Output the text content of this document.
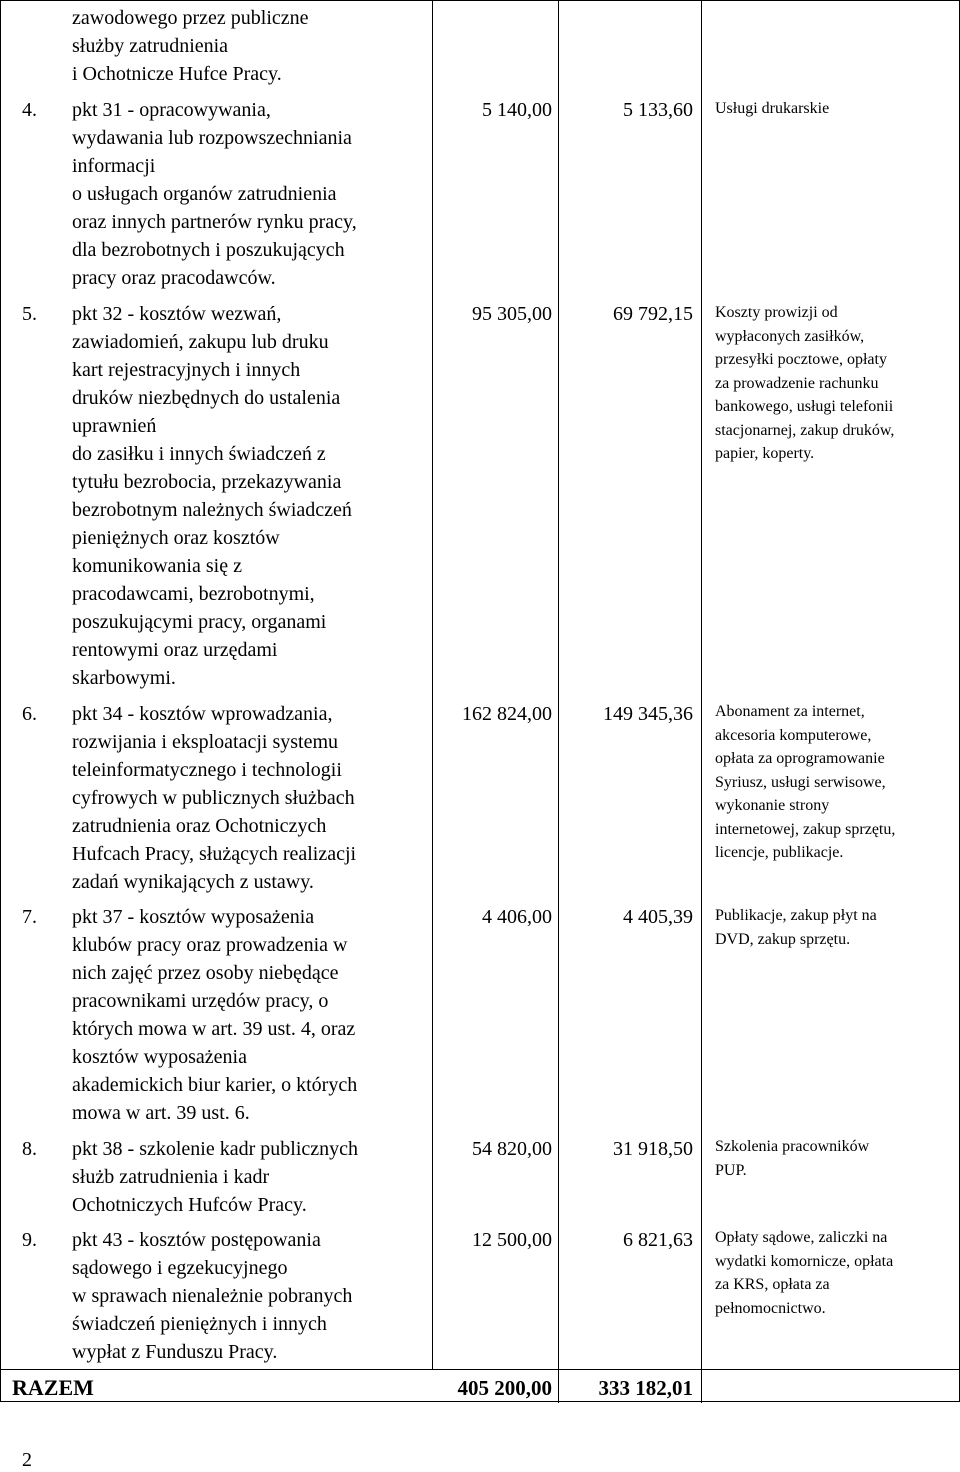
zawodowego przez publiczne
służby zatrudnienia
i Ochotnicze Hufce Pracy.
4. pkt 31 - opracowywania,
wydawania lub rozpowszechniania
informacji
o usługach organów zatrudnienia
oraz innych partnerów rynku pracy,
dla bezrobotnych i poszukujących
pracy oraz pracodawców.
5 140,00	5 133,60 Usługi drukarskie
5. pkt 32 - kosztów wezwań,
zawiadomień, zakupu lub druku
kart rejestracyjnych i innych
druków niezbędnych do ustalenia
uprawnień
do zasiłku i innych świadczeń z
tytułu bezrobocia, przekazywania
bezrobotnym należnych świadczeń
pieniężnych oraz kosztów
komunikowania się z
pracodawcami, bezrobotnymi,
poszukującymi pracy, organami
rentowymi oraz urzędami
skarbowymi.
95 305,00	69 792,15 Koszty prowizji od
wypłaconych zasiłków,
przesyłki pocztowe, opłaty
za prowadzenie rachunku
bankowego, usługi telefonii
stacjonarnej, zakup druków,
papier, koperty.
6. pkt 34 - kosztów wprowadzania,
rozwijania i eksploatacji systemu
teleinformatycznego i technologii
cyfrowych w publicznych służbach
zatrudnienia oraz Ochotniczych
Hufcach Pracy, służących realizacji
zadań wynikających z ustawy.
162 824,00	149 345,36 Abonament za internet,
akcesoria komputerowe,
opłata za oprogramowanie
Syriusz, usługi serwisowe,
wykonanie strony
internetowej, zakup sprzętu,
licencje, publikacje.
7. pkt 37 - kosztów wyposażenia
klubów pracy oraz prowadzenia w
nich zajęć przez osoby niebędące
pracownikami urzędów pracy, o
których mowa w art. 39 ust. 4, oraz
kosztów wyposażenia
akademickich biur karier, o których
mowa w art. 39 ust. 6.
4 406,00	4 405,39 Publikacje, zakup płyt na
DVD, zakup sprzętu.
8. pkt 38 - szkolenie kadr publicznych
służb zatrudnienia i kadr
Ochotniczych Hufców Pracy.
54 820,00	31 918,50 Szkolenia pracowników
PUP.
9. pkt 43 - kosztów postępowania
sądowego i egzekucyjnego
w sprawach nienależnie pobranych
świadczeń pieniężnych i innych
wypłat z Funduszu Pracy.
12 500,00	6 821,63 Opłaty sądowe, zaliczki na
wydatki komornicze, opłata
za KRS, opłata za
pełnomocnictwo.
RAZEM	405 200,00	333 182,01
2
